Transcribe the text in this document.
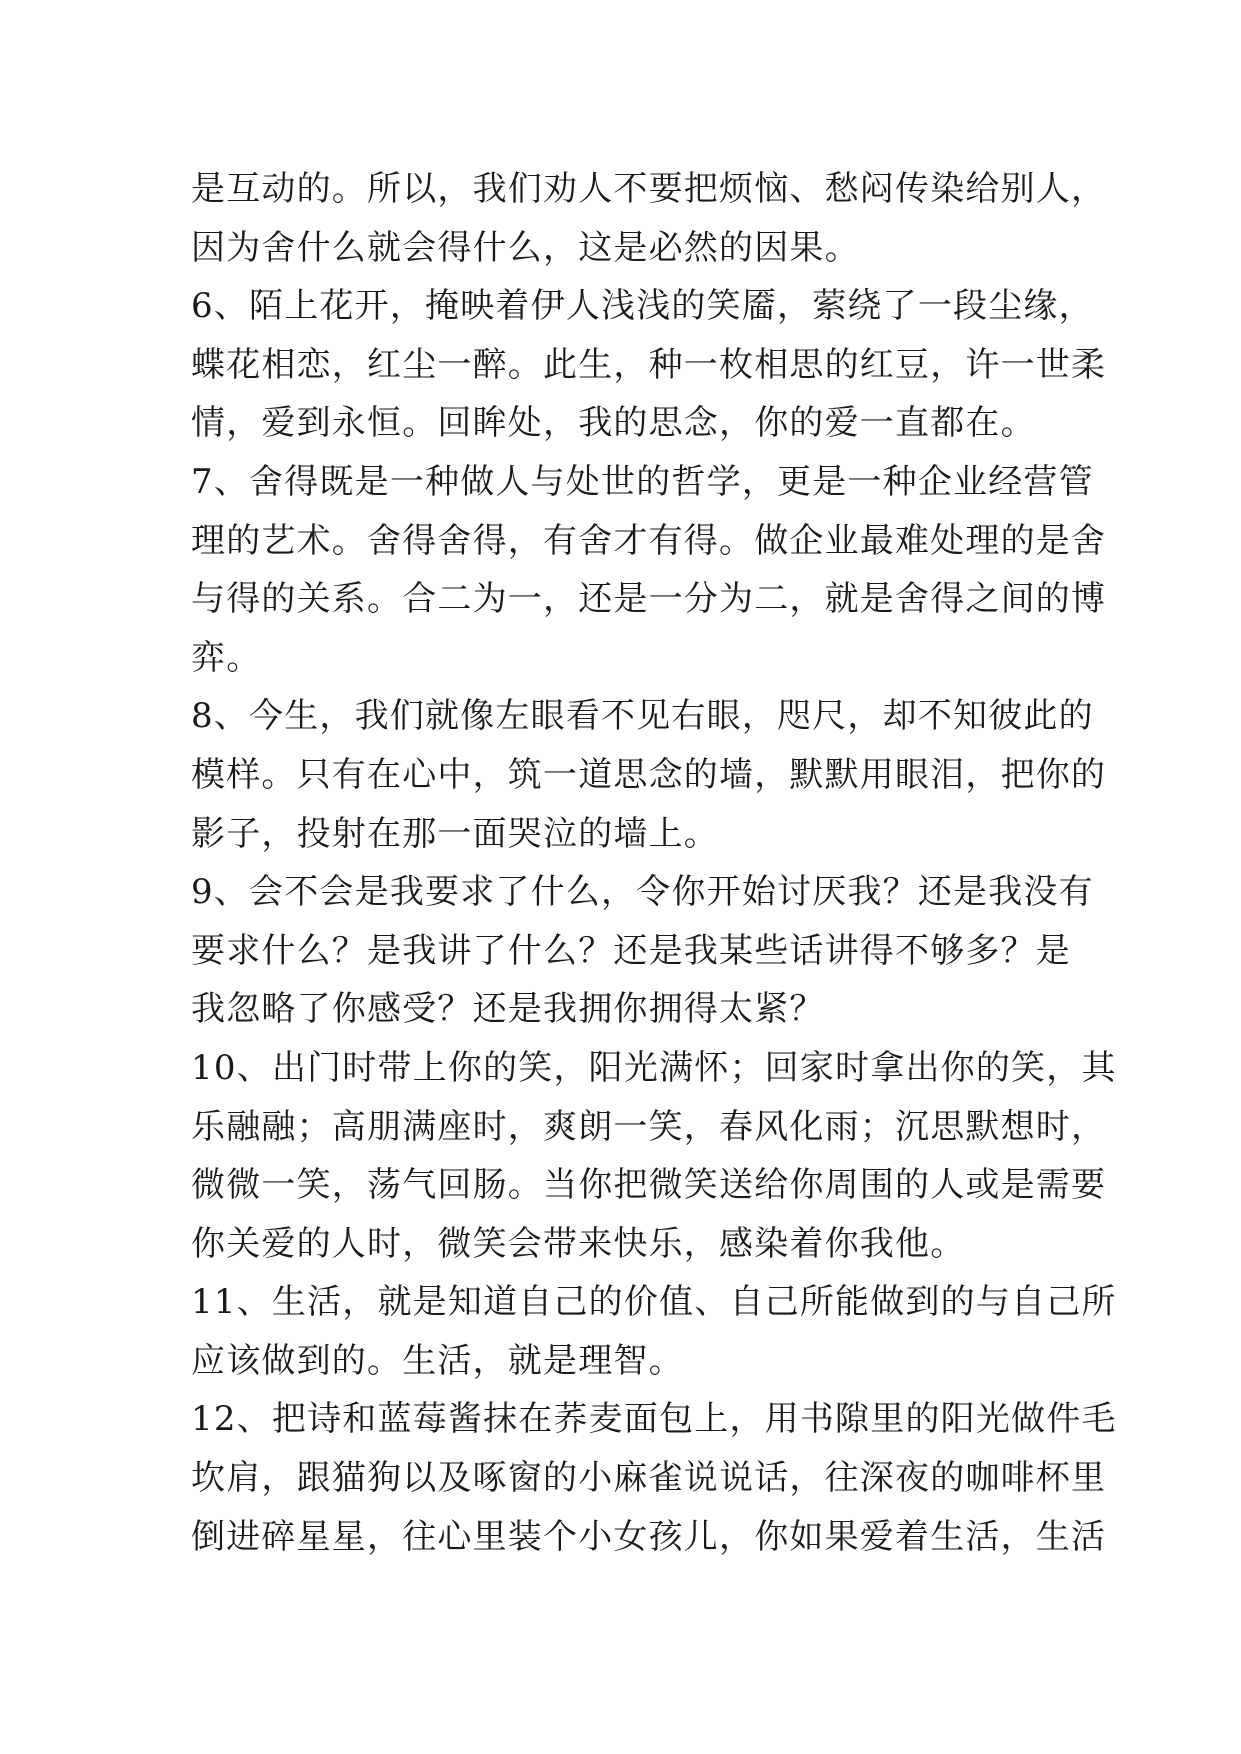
是互动的。所以，我们劝人不要把烦恼、愁闷传染给别人，
因为舍什么就会得什么，这是必然的因果。
6、陌上花开，掩映着伊人浅浅的笑靥，萦绕了一段尘缘，
蝶花相恋，红尘一醉。此生，种一枚相思的红豆，许一世柔
情，爱到永恒。回眸处，我的思念，你的爱一直都在。
7、舍得既是一种做人与处世的哲学，更是一种企业经营管
理的艺术。舍得舍得，有舍才有得。做企业最难处理的是舍
与得的关系。合二为一，还是一分为二，就是舍得之间的博
弈。
8、今生，我们就像左眼看不见右眼，咫尺，却不知彼此的
模样。只有在心中，筑一道思念的墙，默默用眼泪，把你的
影子，投射在那一面哭泣的墙上。
9、会不会是我要求了什么，令你开始讨厌我？还是我没有
要求什么？是我讲了什么？还是我某些话讲得不够多？是
我忽略了你感受？还是我拥你拥得太紧？
10、出门时带上你的笑，阳光满怀；回家时拿出你的笑，其
乐融融；高朋满座时，爽朗一笑，春风化雨；沉思默想时，
微微一笑，荡气回肠。当你把微笑送给你周围的人或是需要
你关爱的人时，微笑会带来快乐，感染着你我他。
11、生活，就是知道自己的价值、自己所能做到的与自己所
应该做到的。生活，就是理智。
12、把诗和蓝莓酱抹在荞麦面包上，用书隙里的阳光做件毛
坎肩，跟猫狗以及啄窗的小麻雀说说话，往深夜的咖啡杯里
倒进碎星星，往心里装个小女孩儿，你如果爱着生活，生活
